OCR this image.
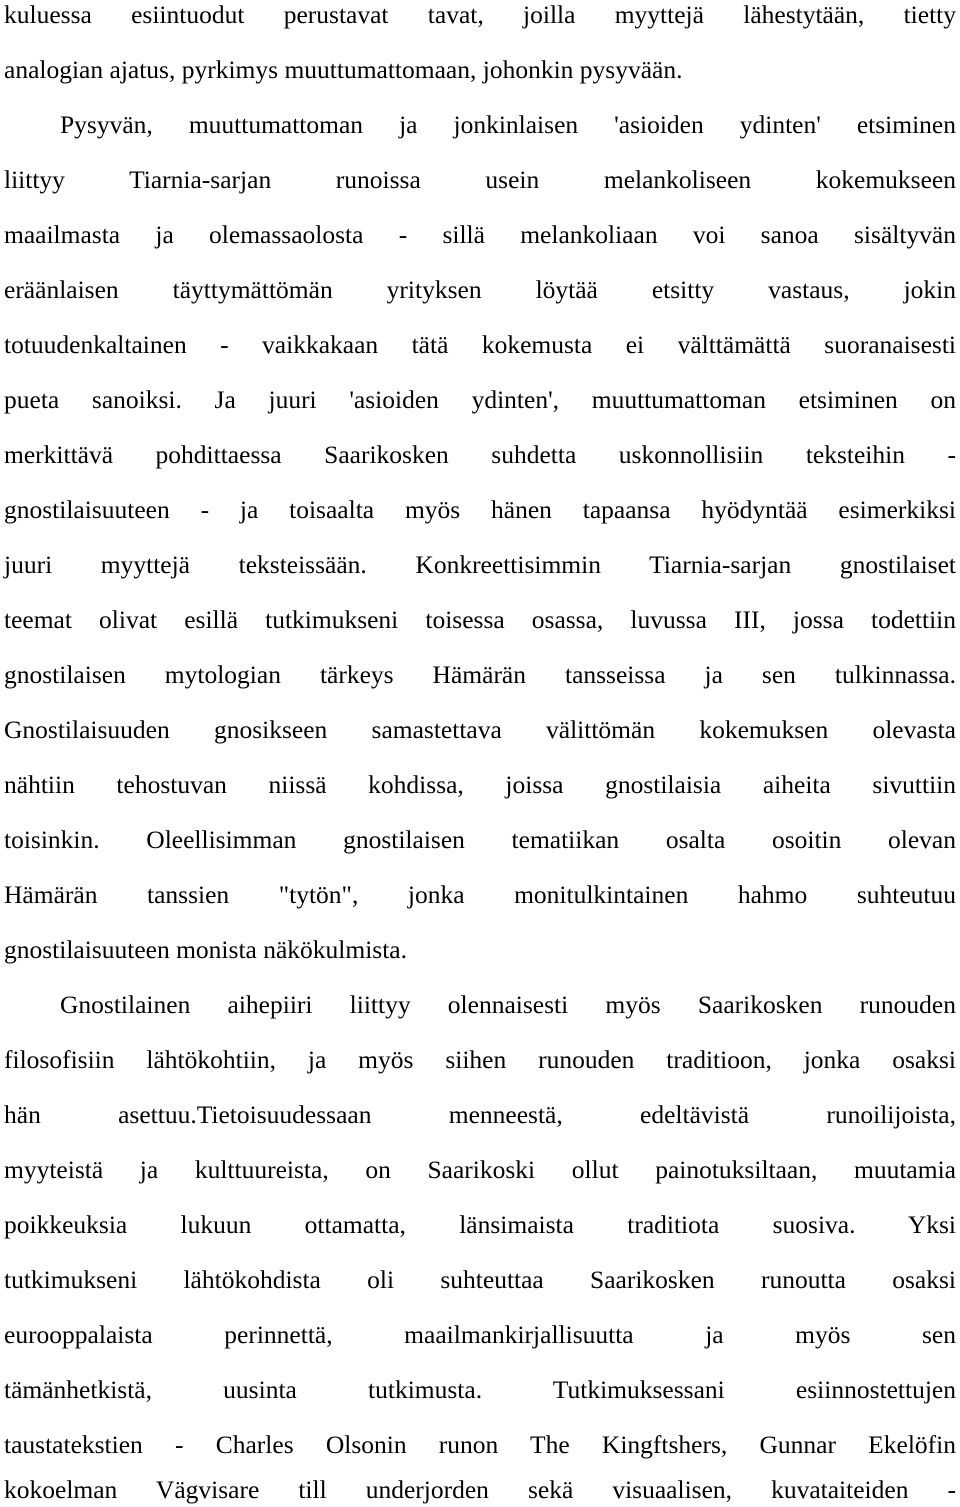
kuluessa esiintuodut perustavat tavat, joilla myyttejä lähestytään, tietty
analogian ajatus, pyrkimys muuttumattomaan, johonkin pysyvään.
Pysyvän, muuttumattoman ja jonkinlaisen 'asioiden ydinten' etsiminen
liittyy Tiarnia-sarjan runoissa usein melankoliseen kokemukseen
maailmasta ja olemassaolosta - sillä melankoliaan voi sanoa sisältyvän
eräänlaisen täyttymättömän yrityksen löytää etsitty vastaus, jokin
totuudenkaltainen - vaikkakaan tätä kokemusta ei välttämättä suoranaisesti
pueta sanoiksi. Ja juuri 'asioiden ydinten', muuttumattoman etsiminen on
merkittävä pohdittaessa Saarikosken suhdetta uskonnollisiin teksteihin -
gnostilaisuuteen - ja toisaalta myös hänen tapaansa hyödyntää esimerkiksi
juuri myyttejä teksteissään. Konkreettisimmin Tiarnia-sarjan gnostilaiset
teemat olivat esillä tutkimukseni toisessa osassa, luvussa III, jossa todettiin
gnostilaisen mytologian tärkeys Hämärän tansseissa ja sen tulkinnassa.
Gnostilaisuuden gnosikseen samastettava välittömän kokemuksen olevasta
nähtiin tehostuvan niissä kohdissa, joissa gnostilaisia aiheita sivuttiin
toisinkin. Oleellisimman gnostilaisen tematiikan osalta osoitin olevan
Hämärän tanssien "tytön", jonka monitulkintainen hahmo suhteutuu
gnostilaisuuteen monista näkökulmista.
Gnostilainen aihepiiri liittyy olennaisesti myös Saarikosken runouden
filosofisiin lähtökohtiin, ja myös siihen runouden traditioon, jonka osaksi
hän asettuu.Tietoisuudessaan menneestä, edeltävistä runoilijoista,
myyteistä ja kulttuureista, on Saarikoski ollut painotuksiltaan, muutamia
poikkeuksia lukuun ottamatta, länsimaista traditiota suosiva. Yksi
tutkimukseni lähtökohdista oli suhteuttaa Saarikosken runoutta osaksi
eurooppalaista perinnettä, maailmankirjallisuutta ja myös sen
tämänhetkistä, uusinta tutkimusta. Tutkimuksessani esiinnostettujen
taustatekstien - Charles Olsonin runon The Kingftshers, Gunnar Ekelöfin
kokoelman Vägvisare till underjorden sekä visuaalisen, kuvataiteiden -
